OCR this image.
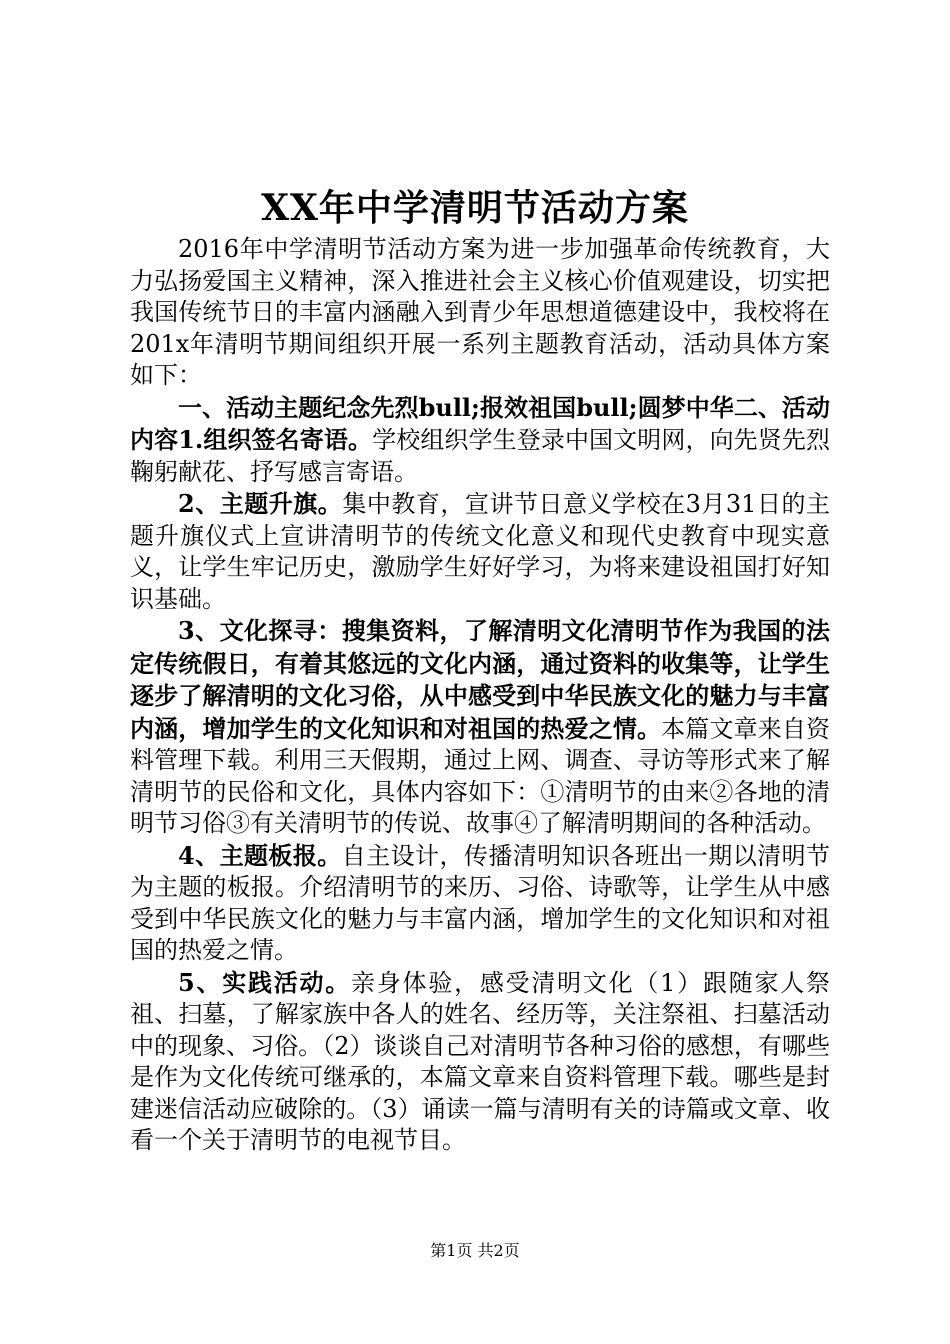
XX年中学清明节活动方案

2016年中学清明节活动方案为进一步加强革命传统教育，大力弘扬爱国主义精神，深入推进社会主义核心价值观建设，切实把我国传统节日的丰富内涵融入到青少年思想道德建设中，我校将在201x年清明节期间组织开展一系列主题教育活动，活动具体方案如下：

一、活动主题纪念先烈bull;报效祖国bull;圆梦中华二、活动内容1.组织签名寄语。学校组织学生登录中国文明网，向先贤先烈鞠躬献花、抒写感言寄语。

2、主题升旗。集中教育，宣讲节日意义学校在3月31日的主题升旗仪式上宣讲清明节的传统文化意义和现代史教育中现实意义，让学生牢记历史，激励学生好好学习，为将来建设祖国打好知识基础。

3、文化探寻：搜集资料，了解清明文化清明节作为我国的法定传统假日，有着其悠远的文化内涵，通过资料的收集等，让学生逐步了解清明的文化习俗，从中感受到中华民族文化的魅力与丰富内涵，增加学生的文化知识和对祖国的热爱之情。本篇文章来自资料管理下载。利用三天假期，通过上网、调查、寻访等形式来了解清明节的民俗和文化，具体内容如下：①清明节的由来②各地的清明节习俗③有关清明节的传说、故事④了解清明期间的各种活动。

4、主题板报。自主设计，传播清明知识各班出一期以清明节为主题的板报。介绍清明节的来历、习俗、诗歌等，让学生从中感受到中华民族文化的魅力与丰富内涵，增加学生的文化知识和对祖国的热爱之情。

5、实践活动。亲身体验，感受清明文化（1）跟随家人祭祖、扫墓，了解家族中各人的姓名、经历等，关注祭祖、扫墓活动中的现象、习俗。（2）谈谈自己对清明节各种习俗的感想，有哪些是作为文化传统可继承的，本篇文章来自资料管理下载。哪些是封建迷信活动应破除的。（3）诵读一篇与清明有关的诗篇或文章、收看一个关于清明节的电视节目。

第1页 共2页
